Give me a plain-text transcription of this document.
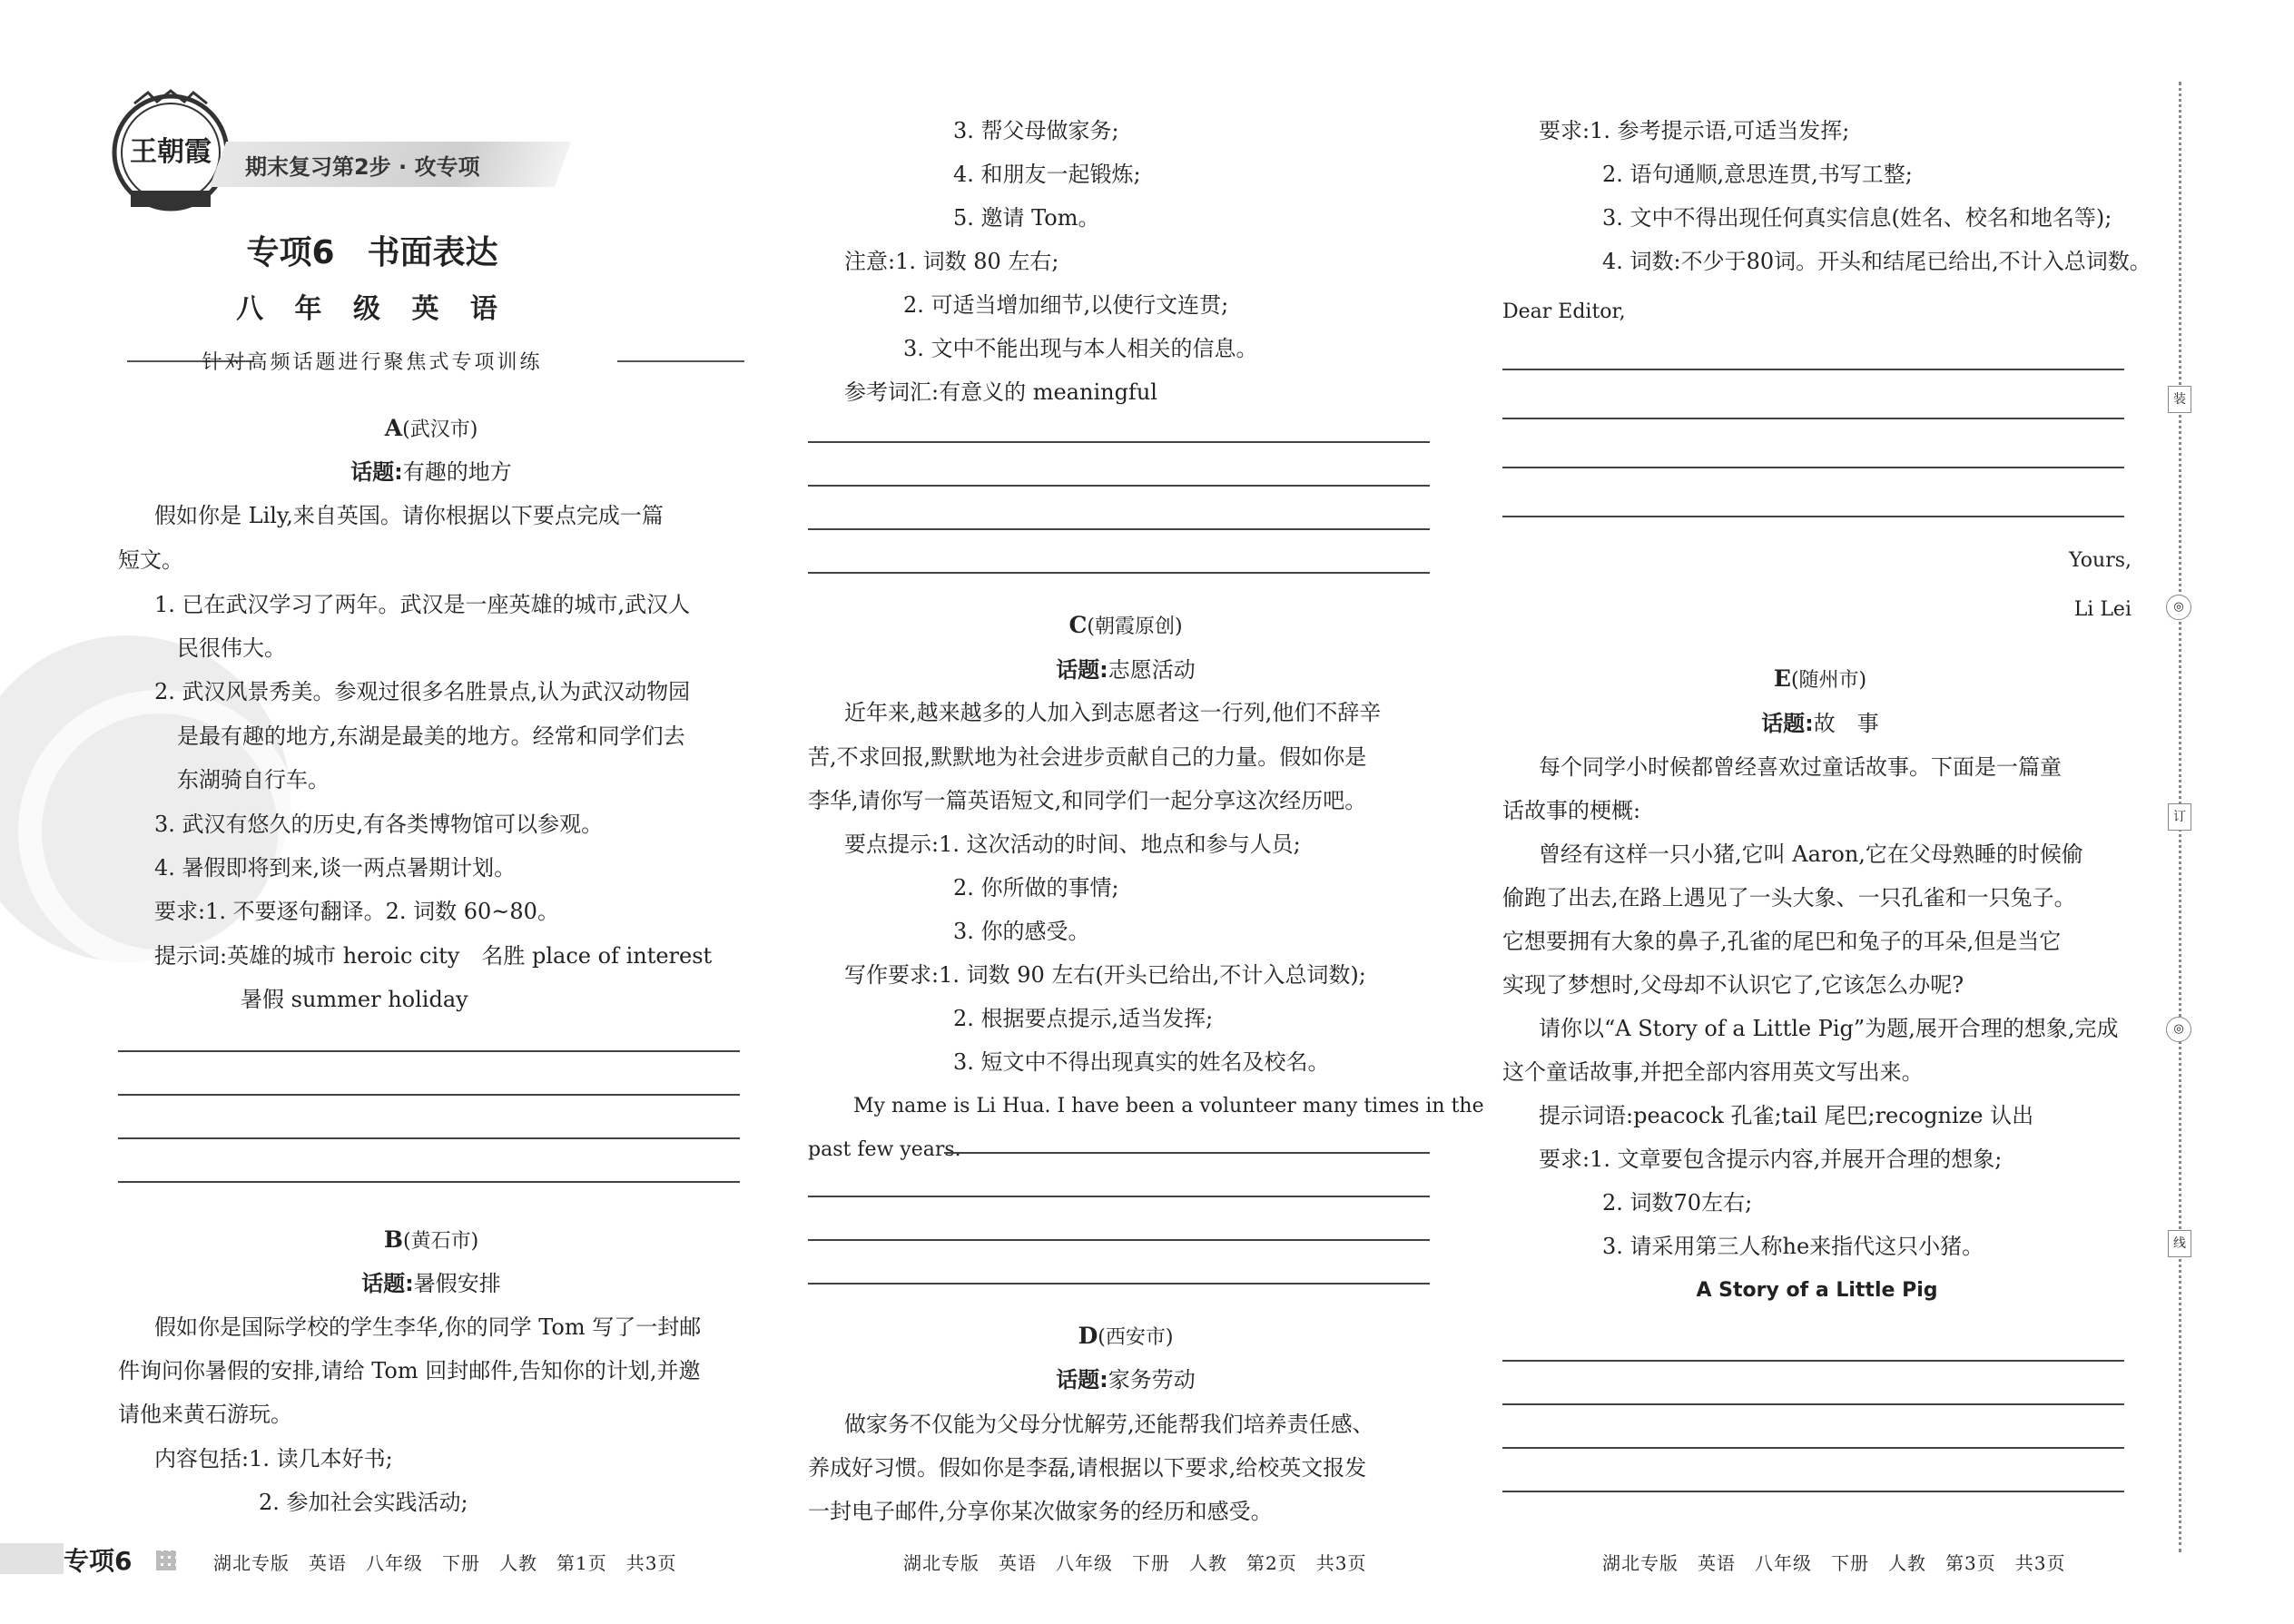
王朝霞	期末复习第2步 · 攻专项
专项6　书面表达
八 年 级 英 语
针对高频话题进行聚焦式专项训练
A(武汉市)
话题:有趣的地方
假如你是 Lily,来自英国。请你根据以下要点完成一篇
短文。
1. 已在武汉学习了两年。武汉是一座英雄的城市,武汉人
民很伟大。
2. 武汉风景秀美。参观过很多名胜景点,认为武汉动物园
是最有趣的地方,东湖是最美的地方。经常和同学们去
东湖骑自行车。
3. 武汉有悠久的历史,有各类博物馆可以参观。
4. 暑假即将到来,谈一两点暑期计划。
要求:1. 不要逐句翻译。2. 词数 60~80。
提示词:英雄的城市 heroic city　名胜 place of interest
暑假 summer holiday
B(黄石市)
话题:暑假安排
假如你是国际学校的学生李华,你的同学 Tom 写了一封邮
件询问你暑假的安排,请给 Tom 回封邮件,告知你的计划,并邀
请他来黄石游玩。
内容包括:1. 读几本好书;
2. 参加社会实践活动;
3. 帮父母做家务;
4. 和朋友一起锻炼;
5. 邀请 Tom。
注意:1. 词数 80 左右;
2. 可适当增加细节,以使行文连贯;
3. 文中不能出现与本人相关的信息。
参考词汇:有意义的 meaningful
C(朝霞原创)
话题:志愿活动
近年来,越来越多的人加入到志愿者这一行列,他们不辞辛
苦,不求回报,默默地为社会进步贡献自己的力量。假如你是
李华,请你写一篇英语短文,和同学们一起分享这次经历吧。
要点提示:1. 这次活动的时间、地点和参与人员;
2. 你所做的事情;
3. 你的感受。
写作要求:1. 词数 90 左右(开头已给出,不计入总词数);
2. 根据要点提示,适当发挥;
3. 短文中不得出现真实的姓名及校名。
My name is Li Hua. I have been a volunteer many times in the
past few years.
D(西安市)
话题:家务劳动
做家务不仅能为父母分忧解劳,还能帮我们培养责任感、
养成好习惯。假如你是李磊,请根据以下要求,给校英文报发
一封电子邮件,分享你某次做家务的经历和感受。
要求:1. 参考提示语,可适当发挥;
2. 语句通顺,意思连贯,书写工整;
3. 文中不得出现任何真实信息(姓名、校名和地名等);
4. 词数:不少于80词。开头和结尾已给出,不计入总词数。
Dear Editor,
Yours,
Li Lei
E(随州市)
话题:故　事
每个同学小时候都曾经喜欢过童话故事。下面是一篇童
话故事的梗概:
曾经有这样一只小猪,它叫 Aaron,它在父母熟睡的时候偷
偷跑了出去,在路上遇见了一头大象、一只孔雀和一只兔子。
它想要拥有大象的鼻子,孔雀的尾巴和兔子的耳朵,但是当它
实现了梦想时,父母却不认识它了,它该怎么办呢?
请你以“A Story of a Little Pig”为题,展开合理的想象,完成
这个童话故事,并把全部内容用英文写出来。
提示词语:peacock 孔雀;tail 尾巴;recognize 认出
要求:1. 文章要包含提示内容,并展开合理的想象;
2. 词数70左右;
3. 请采用第三人称he来指代这只小猪。
A Story of a Little Pig
装
◎
订
◎
线
专项6	湖北专版　英语　八年级　下册　人教　第1页　共3页	湖北专版　英语　八年级　下册　人教　第2页　共3页	湖北专版　英语　八年级　下册　人教　第3页　共3页
